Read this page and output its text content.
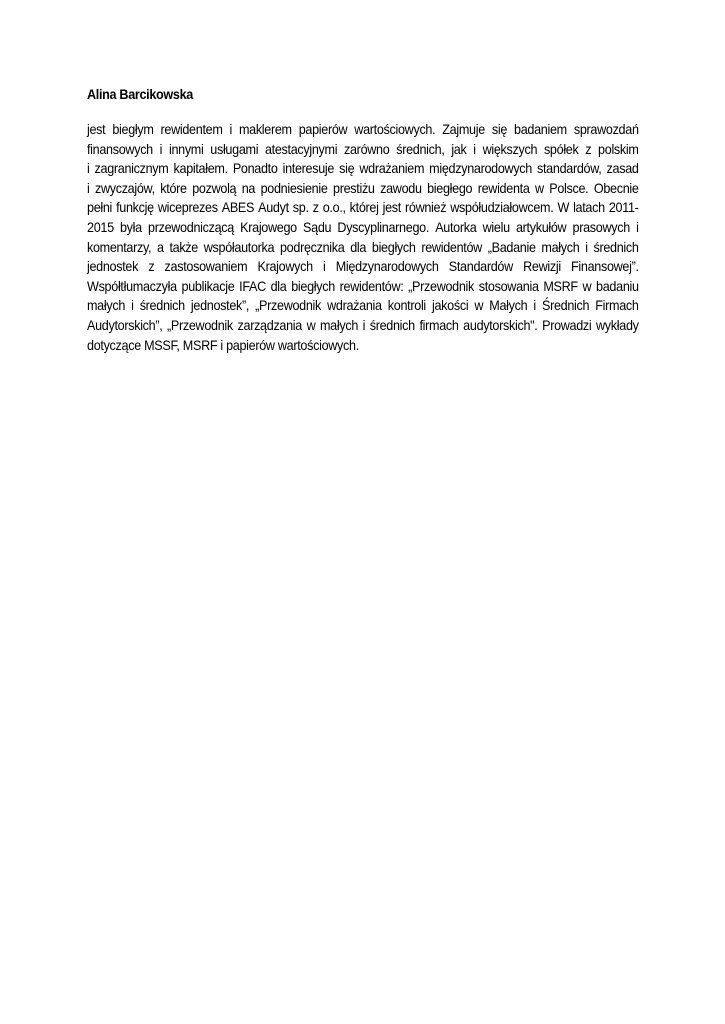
Alina Barcikowska
jest biegłym rewidentem i maklerem papierów wartościowych. Zajmuje się badaniem sprawozdań
finansowych i innymi usługami atestacyjnymi zarówno średnich, jak i większych spółek z polskim
i zagranicznym kapitałem. Ponadto interesuje się wdrażaniem międzynarodowych standardów, zasad
i zwyczajów, które pozwolą na podniesienie prestiżu zawodu biegłego rewidenta w Polsce. Obecnie
pełni funkcję wiceprezes ABES Audyt sp. z o.o., której jest również współudziałowcem. W latach 2011-
2015 była przewodniczącą Krajowego Sądu Dyscyplinarnego. Autorka wielu artykułów prasowych i
komentarzy, a także współautorka podręcznika dla biegłych rewidentów „Badanie małych i średnich
jednostek z zastosowaniem Krajowych i Międzynarodowych Standardów Rewizji Finansowej”.
Współtłumaczyła publikacje IFAC dla biegłych rewidentów: „Przewodnik stosowania MSRF w badaniu
małych i średnich jednostek”, „Przewodnik wdrażania kontroli jakości w Małych i Średnich Firmach
Audytorskich”, „Przewodnik zarządzania w małych i średnich firmach audytorskich". Prowadzi wykłady
dotyczące MSSF, MSRF i papierów wartościowych.
